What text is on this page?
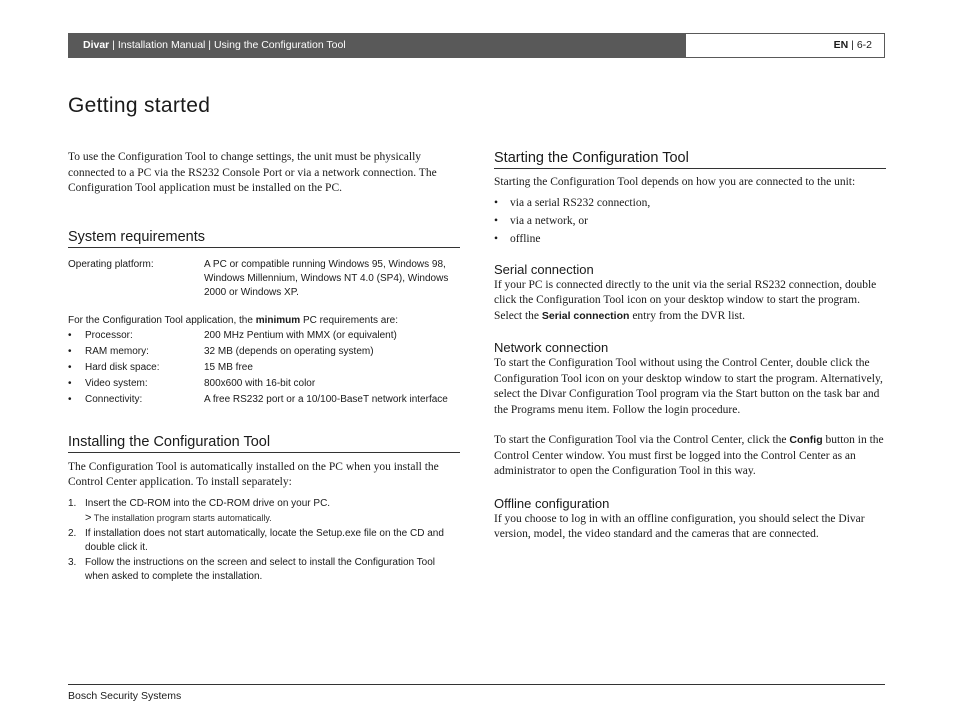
Divar | Installation Manual | Using the Configuration Tool	EN | 6-2
Getting started

To use the Configuration Tool to change settings, the unit must be physically connected to a PC via the RS232 Console Port or via a network connection. The Configuration Tool application must be installed on the PC.

System requirements
Operating platform:	A PC or compatible running Windows 95, Windows 98, Windows Millennium, Windows NT 4.0 (SP4), Windows 2000 or Windows XP.
For the Configuration Tool application, the minimum PC requirements are:
•	Processor:	200 MHz Pentium with MMX (or equivalent)
•	RAM memory:	32 MB (depends on operating system)
•	Hard disk space:	15 MB free
•	Video system:	800x600 with 16-bit color
•	Connectivity:	A free RS232 port or a 10/100-BaseT network interface
Installing the Configuration Tool

The Configuration Tool is automatically installed on the PC when you install the Control Center application. To install separately:

1. Insert the CD-ROM into the CD-ROM drive on your PC.
> The installation program starts automatically.
2. If installation does not start automatically, locate the Setup.exe file on the CD and double click it.
3. Follow the instructions on the screen and select to install the Configuration Tool when asked to complete the installation.
Starting the Configuration Tool

Starting the Configuration Tool depends on how you are connected to the unit:

•	via a serial RS232 connection,
•	via a network, or
•	offline
Serial connection

If your PC is connected directly to the unit via the serial RS232 connection, double click the Configuration Tool icon on your desktop window to start the program. Select the Serial connection entry from the DVR list.

Network connection

To start the Configuration Tool without using the Control Center, double click the Configuration Tool icon on your desktop window to start the program. Alternatively, select the Divar Configuration Tool program via the Start button on the task bar and the Programs menu item. Follow the login procedure.

To start the Configuration Tool via the Control Center, click the Config button in the Control Center window. You must first be logged into the Control Center as an administrator to open the Configuration Tool in this way.

Offline configuration

If you choose to log in with an offline configuration, you should select the Divar version, model, the video standard and the cameras that are connected.

Bosch Security Systems
